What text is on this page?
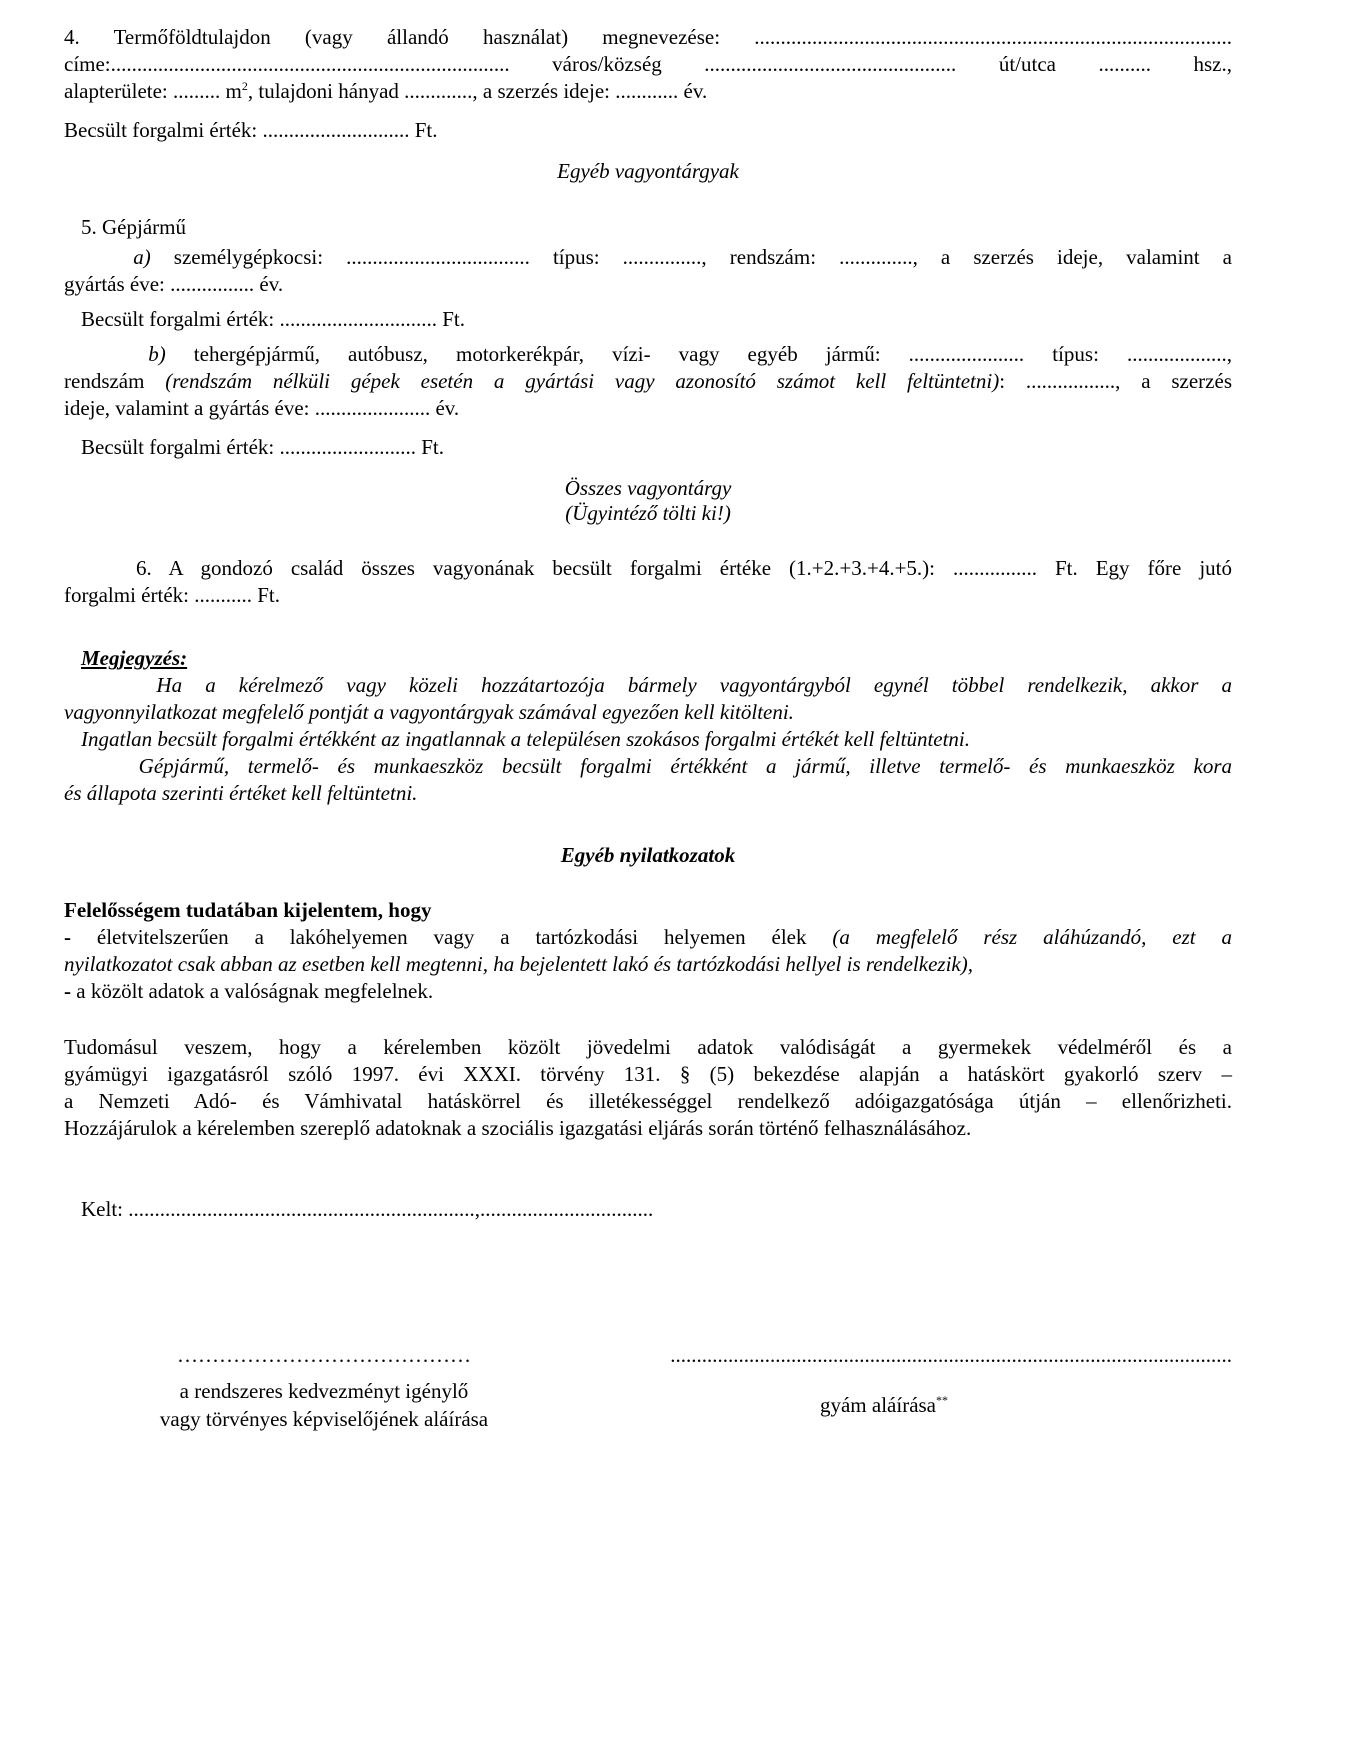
4. Termőföldtulajdon (vagy állandó használat) megnevezése: ...........................................................................................
címe:............................................................................ város/község ................................................ út/utca .......... hsz.,
alapterülete: ......... $m^2$, tulajdoni hányad ............., a szerzés ideje: ............ év.
Becsült forgalmi érték: ............................ Ft.
Egyéb vagyontárgyak
5. Gépjármű
a) személygépkocsi: ................................... típus: ..............., rendszám: .............., a szerzés ideje, valamint a
gyártás éve: ................ év.
Becsült forgalmi érték: .............................. Ft.
b) tehergépjármű, autóbusz, motorkerékpár, vízi- vagy egyéb jármű: ...................... típus: ...................,
rendszám (rendszám nélküli gépek esetén a gyártási vagy azonosító számot kell feltüntetni): ................., a szerzés
ideje, valamint a gyártás éve: ...................... év.
Becsült forgalmi érték: .......................... Ft.
Összes vagyontárgy
(Ügyintéző tölti ki!)
6. A gondozó család összes vagyonának becsült forgalmi értéke (1.+2.+3.+4.+5.): ................ Ft. Egy főre jutó
forgalmi érték: ........... Ft.
Megjegyzés:
Ha a kérelmező vagy közeli hozzátartozója bármely vagyontárgyból egynél többel rendelkezik, akkor a
vagyonnyilatkozat megfelelő pontját a vagyontárgyak számával egyezően kell kitölteni.
Ingatlan becsült forgalmi értékként az ingatlannak a településen szokásos forgalmi értékét kell feltüntetni.
Gépjármű, termelő- és munkaeszköz becsült forgalmi értékként a jármű, illetve termelő- és munkaeszköz kora
és állapota szerinti értéket kell feltüntetni.
Egyéb nyilatkozatok
Felelősségem tudatában kijelentem, hogy
- életvitelszerűen a lakóhelyemen vagy a tartózkodási helyemen élek (a megfelelő rész aláhúzandó, ezt a
nyilatkozatot csak abban az esetben kell megtenni, ha bejelentett lakó és tartózkodási hellyel is rendelkezik),
- a közölt adatok a valóságnak megfelelnek.
Tudomásul veszem, hogy a kérelemben közölt jövedelmi adatok valódiságát a gyermekek védelméről és a
gyámügyi igazgatásról szóló 1997. évi XXXI. törvény 131. § (5) bekezdése alapján a hatáskört gyakorló szerv –
a Nemzeti Adó- és Vámhivatal hatáskörrel és illetékességgel rendelkező adóigazgatósága útján – ellenőrizheti.
Hozzájárulok a kérelemben szereplő adatoknak a szociális igazgatási eljárás során történő felhasználásához.
Kelt: ..................................................................,.................................
……………………………………
a rendszeres kedvezményt igénylő
vagy törvényes képviselőjének aláírása
...........................................................................................................
gyám aláírása**
